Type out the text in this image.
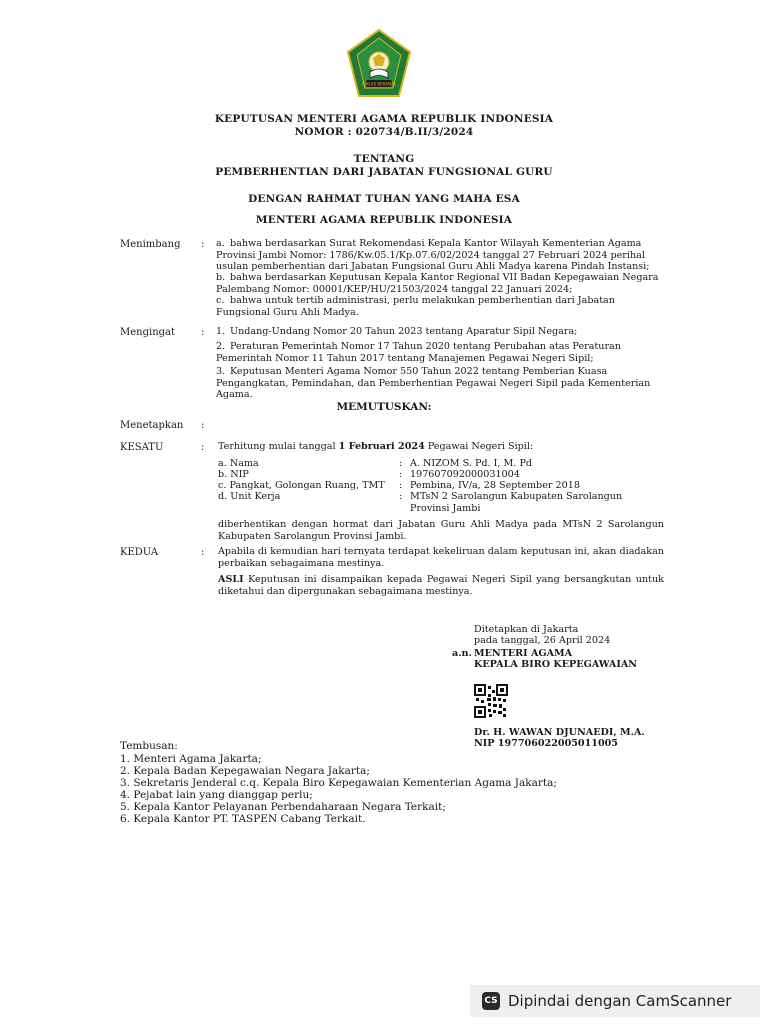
IKHLAS BERAMAL
KEPUTUSAN MENTERI AGAMA REPUBLIK INDONESIA
NOMOR : 020734/B.II/3/2024
TENTANG
PEMBERHENTIAN DARI JABATAN FUNGSIONAL GURU
DENGAN RAHMAT TUHAN YANG MAHA ESA
MENTERI AGAMA REPUBLIK INDONESIA
Menimbang : a. bahwa berdasarkan Surat Rekomendasi Kepala Kantor Wilayah Kementerian Agama Provinsi Jambi Nomor: 1786/Kw.05.1/Kp.07.6/02/2024 tanggal 27 Februari 2024 perihal usulan pemberhentian dari Jabatan Fungsional Guru Ahli Madya karena Pindah Instansi;
b. bahwa berdasarkan Keputusan Kepala Kantor Regional VII Badan Kepegawaian Negara Palembang Nomor: 00001/KEP/HU/21503/2024 tanggal 22 Januari 2024;
c. bahwa untuk tertib administrasi, perlu melakukan pemberhentian dari Jabatan Fungsional Guru Ahli Madya.
Mengingat	: 1. Undang-Undang Nomor 20 Tahun 2023 tentang Aparatur Sipil Negara;
2. Peraturan Pemerintah Nomor 17 Tahun 2020 tentang Perubahan atas Peraturan Pemerintah Nomor 11 Tahun 2017 tentang Manajemen Pegawai Negeri Sipil;
3. Keputusan Menteri Agama Nomor 550 Tahun 2022 tentang Pemberian Kuasa Pengangkatan, Pemindahan, dan Pemberhentian Pegawai Negeri Sipil pada Kementerian Agama.
MEMUTUSKAN:
Menetapkan :
KESATU	: Terhitung mulai tanggal 1 Februari 2024 Pegawai Negeri Sipil:
a. Nama	: A. NIZOM S. Pd. I, M. Pd
b. NIP	: 197607092000031004
c. Pangkat, Golongan Ruang, TMT : Pembina, IV/a, 28 September 2018
d. Unit Kerja	: MTsN 2 Sarolangun Kabupaten Sarolangun Provinsi Jambi
diberhentikan dengan hormat dari Jabatan Guru Ahli Madya pada MTsN 2 Sarolangun Kabupaten Sarolangun Provinsi Jambi.
KEDUA	: Apabila di kemudian hari ternyata terdapat kekeliruan dalam keputusan ini, akan diadakan perbaikan sebagaimana mestinya.
ASLI Keputusan ini disampaikan kepada Pegawai Negeri Sipil yang bersangkutan untuk diketahui dan dipergunakan sebagaimana mestinya.
Ditetapkan di Jakarta
pada tanggal, 26 April 2024
a.n. MENTERI AGAMA
KEPALA BIRO KEPEGAWAIAN
Dr. H. WAWAN DJUNAEDI, M.A.
NIP 197706022005011005
Tembusan:
1. Menteri Agama Jakarta;
2. Kepala Badan Kepegawaian Negara Jakarta;
3. Sekretaris Jenderal c.q. Kepala Biro Kepegawaian Kementerian Agama Jakarta;
4. Pejabat lain yang dianggap perlu;
5. Kepala Kantor Pelayanan Perbendaharaan Negara Terkait;
6. Kepala Kantor PT. TASPEN Cabang Terkait.
CS Dipindai dengan CamScanner
